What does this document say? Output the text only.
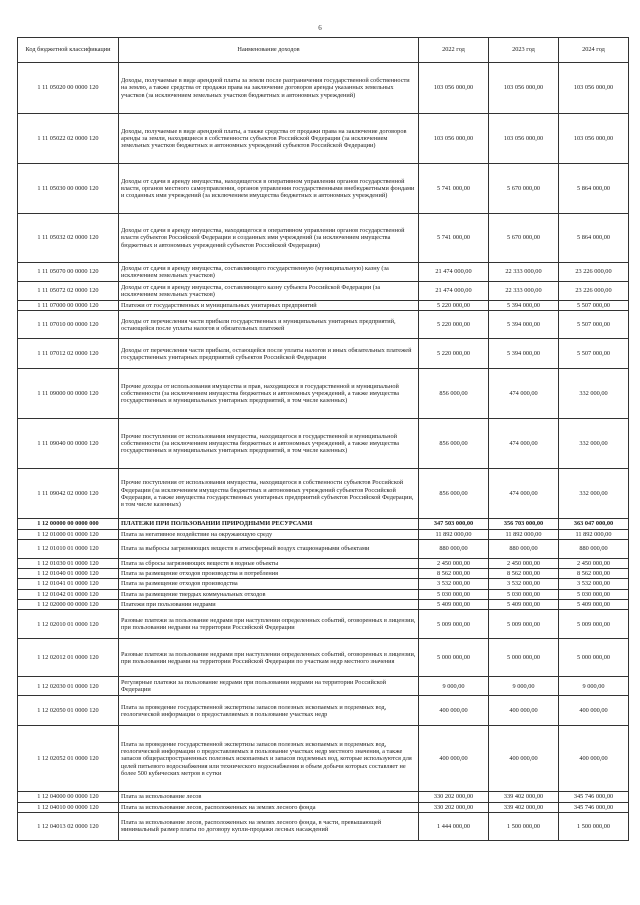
6
Код бюджетной классификации	Наименование доходов	2022 год	2023 год	2024 год
1 11 05020 00 0000 120	Доходы, получаемые в виде арендной платы за земли после разграничения государственной собственности на землю, а также средства от продажи права на заключение договоров аренды указанных земельных участков (за исключением земельных участков бюджетных и автономных учреждений)	103 056 000,00	103 056 000,00	103 056 000,00
1 11 05022 02 0000 120	Доходы, получаемые в виде арендной платы, а также средства от продажи права на заключение договоров аренды за земли, находящиеся в собственности субъектов Российской Федерации (за исключением земельных участков бюджетных и автономных учреждений субъектов Российской Федерации)	103 056 000,00	103 056 000,00	103 056 000,00
1 11 05030 00 0000 120	Доходы от сдачи в аренду имущества, находящегося в оперативном управлении органов государственной власти, органов местного самоуправления, органов управления государственными внебюджетными фондами и созданных ими учреждений (за исключением имущества бюджетных и автономных учреждений)	5 741 000,00	5 670 000,00	5 864 000,00
1 11 05032 02 0000 120	Доходы от сдачи в аренду имущества, находящегося в оперативном управлении органов государственной власти субъектов Российской Федерации и созданных ими учреждений (за исключением имущества бюджетных и автономных учреждений субъектов Российской Федерации)	5 741 000,00	5 670 000,00	5 864 000,00
1 11 05070 00 0000 120	Доходы от сдачи в аренду имущества, составляющего государственную (муниципальную) казну (за исключением земельных участков)	21 474 000,00	22 333 000,00	23 226 000,00
1 11 05072 02 0000 120	Доходы от сдачи в аренду имущества, составляющего казну субъекта Российской Федерации (за исключением земельных участков)	21 474 000,00	22 333 000,00	23 226 000,00
1 11 07000 00 0000 120	Платежи от государственных и муниципальных унитарных предприятий	5 220 000,00	5 394 000,00	5 507 000,00
1 11 07010 00 0000 120	Доходы от перечисления части прибыли государственных и муниципальных унитарных предприятий, остающейся после уплаты налогов и обязательных платежей	5 220 000,00	5 394 000,00	5 507 000,00
1 11 07012 02 0000 120	Доходы от перечисления части прибыли, остающейся после уплаты налогов и иных обязательных платежей государственных унитарных предприятий субъектов Российской Федерации	5 220 000,00	5 394 000,00	5 507 000,00
1 11 09000 00 0000 120	Прочие доходы от использования имущества и прав, находящихся в государственной и муниципальной собственности (за исключением имущества бюджетных и автономных учреждений, а также имущества государственных и муниципальных унитарных предприятий, в том числе казенных)	856 000,00	474 000,00	332 000,00
1 11 09040 00 0000 120	Прочие поступления от использования имущества, находящегося в государственной и муниципальной собственности (за исключением имущества бюджетных и автономных учреждений, а также имущества государственных и муниципальных унитарных предприятий, в том числе казенных)	856 000,00	474 000,00	332 000,00
1 11 09042 02 0000 120	Прочие поступления от использования имущества, находящегося в собственности субъектов Российской Федерации (за исключением имущества бюджетных и автономных учреждений субъектов Российской Федерации, а также имущества государственных унитарных предприятий субъектов Российской Федерации, в том числе казенных)	856 000,00	474 000,00	332 000,00
1 12 00000 00 0000 000	ПЛАТЕЖИ ПРИ ПОЛЬЗОВАНИИ ПРИРОДНЫМИ РЕСУРСАМИ	347 503 000,00	356 703 000,00	363 047 000,00
1 12 01000 01 0000 120	Плата за негативное воздействие на окружающую среду	11 892 000,00	11 892 000,00	11 892 000,00
1 12 01010 01 0000 120	Плата за выбросы загрязняющих веществ в атмосферный воздух стационарными объектами	880 000,00	880 000,00	880 000,00
1 12 01030 01 0000 120	Плата за сбросы загрязняющих веществ в водные объекты	2 450 000,00	2 450 000,00	2 450 000,00
1 12 01040 01 0000 120	Плата за размещение отходов производства и потребления	8 562 000,00	8 562 000,00	8 562 000,00
1 12 01041 01 0000 120	Плата за размещение отходов производства	3 532 000,00	3 532 000,00	3 532 000,00
1 12 01042 01 0000 120	Плата за размещение твердых коммунальных отходов	5 030 000,00	5 030 000,00	5 030 000,00
1 12 02000 00 0000 120	Платежи при пользовании недрами	5 409 000,00	5 409 000,00	5 409 000,00
1 12 02010 01 0000 120	Разовые платежи за пользование недрами при наступлении определенных событий, оговоренных в лицензии, при пользовании недрами на территории Российской Федерации	5 009 000,00	5 009 000,00	5 009 000,00
1 12 02012 01 0000 120	Разовые платежи за пользование недрами при наступлении определенных событий, оговоренных в лицензии, при пользовании недрами на территории Российской Федерации по участкам недр местного значения	5 000 000,00	5 000 000,00	5 000 000,00
1 12 02030 01 0000 120	Регулярные платежи за пользование недрами при пользовании недрами на территории Российской Федерации	9 000,00	9 000,00	9 000,00
1 12 02050 01 0000 120	Плата за проведение государственной экспертизы запасов полезных ископаемых и подземных вод, геологической информации о предоставляемых в пользование участках недр	400 000,00	400 000,00	400 000,00
1 12 02052 01 0000 120	Плата за проведение государственной экспертизы запасов полезных ископаемых и подземных вод, геологической информации о предоставляемых в пользование участках недр местного значения, а также запасов общераспространенных полезных ископаемых и запасов подземных вод, которые используются для целей питьевого водоснабжения или технического водоснабжения и объем добычи которых составляет не более 500 кубических метров в сутки	400 000,00	400 000,00	400 000,00
1 12 04000 00 0000 120	Плата за использование лесов	330 202 000,00	339 402 000,00	345 746 000,00
1 12 04010 00 0000 120	Плата за использование лесов, расположенных на землях лесного фонда	330 202 000,00	339 402 000,00	345 746 000,00
1 12 04013 02 0000 120	Плата за использование лесов, расположенных на землях лесного фонда, в части, превышающей минимальный размер платы по договору купли-продажи лесных насаждений	1 444 000,00	1 500 000,00	1 500 000,00
